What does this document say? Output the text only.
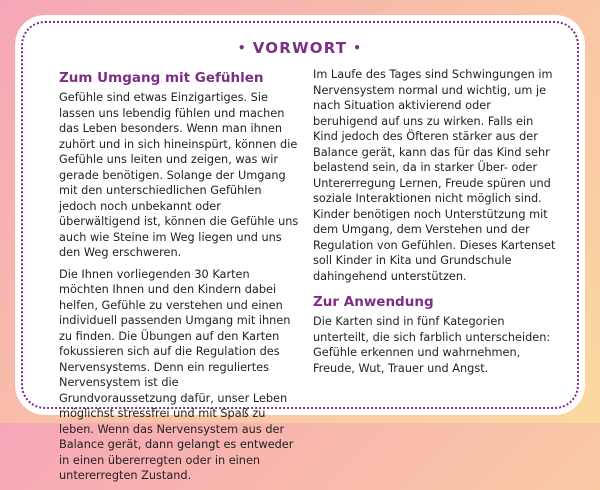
• VORWORT •
Zum Umgang mit Gefühlen

Gefühle sind etwas Einzigartiges. Sie lassen uns lebendig fühlen und machen das Leben besonders. Wenn man ihnen zuhört und in sich hineinspürt, können die Gefühle uns leiten und zeigen, was wir gerade benötigen. Solange der Umgang mit den unterschiedlichen Gefühlen jedoch noch unbekannt oder überwältigend ist, können die Gefühle uns auch wie Steine im Weg liegen und uns den Weg erschweren.

Die Ihnen vorliegenden 30 Karten möchten Ihnen und den Kindern dabei helfen, Gefühle zu verstehen und einen individuell passenden Umgang mit ihnen zu finden. Die Übungen auf den Karten fokussieren sich auf die Regulation des Nervensystems. Denn ein reguliertes Nervensystem ist die Grundvoraussetzung dafür, unser Leben möglichst stressfrei und mit Spaß zu leben. Wenn das Nervensystem aus der Balance gerät, dann gelangt es entweder in einen übererregten oder in einen untererregten Zustand.

Im Laufe des Tages sind Schwingungen im Nervensystem normal und wichtig, um je nach Situation aktivierend oder beruhigend auf uns zu wirken. Falls ein Kind jedoch des Öfteren stärker aus der Balance gerät, kann das für das Kind sehr belastend sein, da in starker Über- oder Untererregung Lernen, Freude spüren und soziale Interaktionen nicht möglich sind. Kinder benötigen noch Unterstützung mit dem Umgang, dem Verstehen und der Regulation von Gefühlen. Dieses Kartenset soll Kinder in Kita und Grundschule dahingehend unterstützen.

Zur Anwendung

Die Karten sind in fünf Kategorien unterteilt, die sich farblich unterscheiden: Gefühle erkennen und wahrnehmen, Freude, Wut, Trauer und Angst.
